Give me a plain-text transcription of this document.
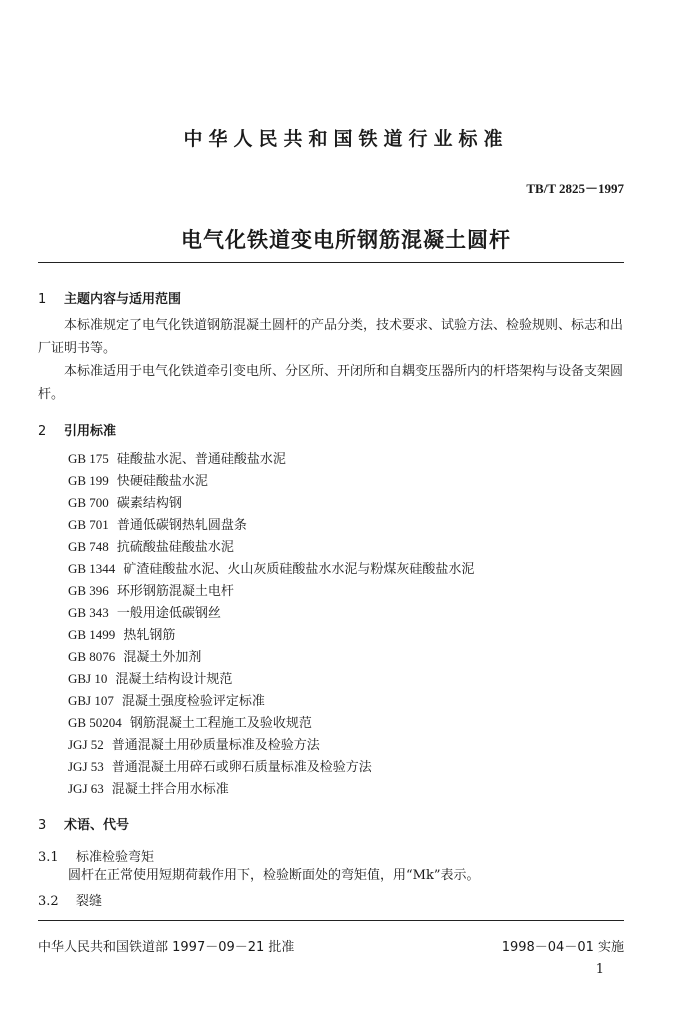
中华人民共和国铁道行业标准
TB/T 2825－1997
电气化铁道变电所钢筋混凝土圆杆
1 主题内容与适用范围
本标准规定了电气化铁道钢筋混凝土圆杆的产品分类，技术要求、试验方法、检验规则、标志和出厂证明书等。
本标准适用于电气化铁道牵引变电所、分区所、开闭所和自耦变压器所内的杆塔架构与设备支架圆杆。
2 引用标准
GB 175 硅酸盐水泥、普通硅酸盐水泥
GB 199 快硬硅酸盐水泥
GB 700 碳素结构钢
GB 701 普通低碳钢热轧圆盘条
GB 748 抗硫酸盐硅酸盐水泥
GB 1344 矿渣硅酸盐水泥、火山灰质硅酸盐水水泥与粉煤灰硅酸盐水泥
GB 396 环形钢筋混凝土电杆
GB 343 一般用途低碳钢丝
GB 1499 热轧钢筋
GB 8076 混凝土外加剂
GBJ 10 混凝土结构设计规范
GBJ 107 混凝土强度检验评定标准
GB 50204 钢筋混凝土工程施工及验收规范
JGJ 52 普通混凝土用砂质量标准及检验方法
JGJ 53 普通混凝土用碎石或卵石质量标准及检验方法
JGJ 63 混凝土拌合用水标准
3 术语、代号
3.1 标准检验弯矩
圆杆在正常使用短期荷载作用下，检验断面处的弯矩值，用“Mk”表示。
3.2 裂缝
中华人民共和国铁道部 1997－09－21 批准	1998－04－01 实施
1
